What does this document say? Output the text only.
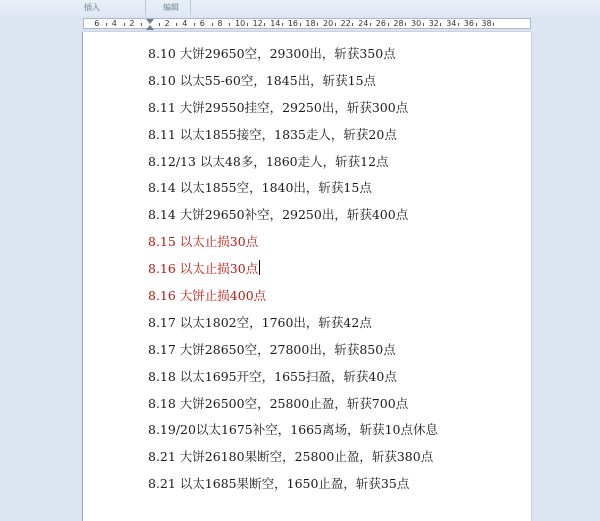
插入	编辑
6 4 2	2 4 6 8 10 12 14 16 18 20 22 24 26 28 30 32 34 36 38
8.10 大饼29650空，29300出，斩获350点
8.10 以太55-60空，1845出，斩获15点
8.11 大饼29550挂空，29250出，斩获300点
8.11 以太1855接空，1835走人，斩获20点
8.12/13 以太48多，1860走人，斩获12点
8.14 以太1855空，1840出，斩获15点
8.14 大饼29650补空，29250出，斩获400点
8.15 以太止损30点
8.16 以太止损30点
8.16 大饼止损400点
8.17 以太1802空，1760出，斩获42点
8.17 大饼28650空，27800出，斩获850点
8.18 以太1695开空，1655扫盈，斩获40点
8.18 大饼26500空，25800止盈，斩获700点
8.19/20以太1675补空，1665离场，斩获10点休息
8.21 大饼26180果断空，25800止盈，斩获380点
8.21 以太1685果断空，1650止盈，斩获35点
